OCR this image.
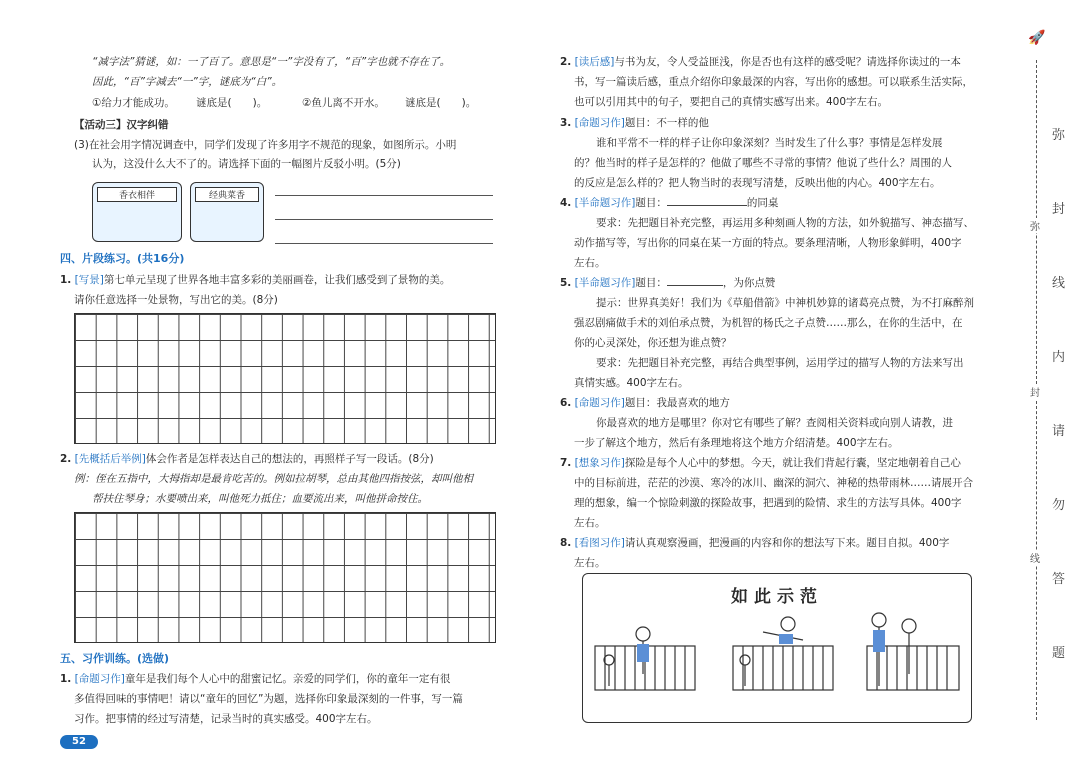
“减字法”猜谜，如：一了百了。意思是“一”字没有了，“百”字也就不存在了。
因此，“百”字减去“一”字，谜底为“白”。
①给力才能成功。 谜底是(　　)。	②鱼儿离不开水。 谜底是(　　)。
【活动三】汉字纠错
(3)在社会用字情况调查中，同学们发现了许多用字不规范的现象，如图所示。小明
认为，这没什么大不了的。请选择下面的一幅图片反驳小明。(5分)
香衣相伴	经典菜香
四、片段练习。(共16分)
1. [写景]第七单元呈现了世界各地丰富多彩的美丽画卷，让我们感受到了景物的美。
请你任意选择一处景物，写出它的美。(8分)
2. [先概括后举例]体会作者是怎样表达自己的想法的，再照样子写一段话。(8分)
例：侄在五指中，大拇指却是最肯吃苦的。例如拉胡琴，总由其他四指按弦，却叫他相
帮扶住琴身；水要喷出来，叫他死力抵住；血要流出来，叫他拼命按住。
五、习作训练。(选做)
1. [命题习作]童年是我们每个人心中的甜蜜记忆。亲爱的同学们，你的童年一定有很
多值得回味的事情吧！请以“童年的回忆”为题，选择你印象最深刻的一件事，写一篇
习作。把事情的经过写清楚，记录当时的真实感受。400字左右。
52
2. [读后感]与书为友，令人受益匪浅，你是否也有这样的感受呢？请选择你读过的一本
书，写一篇读后感，重点介绍你印象最深的内容，写出你的感想。可以联系生活实际，
也可以引用其中的句子，要把自己的真情实感写出来。400字左右。
3. [命题习作]题目：不一样的他
谁和平常不一样的样子让你印象深刻？当时发生了什么事？事情是怎样发展
的？他当时的样子是怎样的？他做了哪些不寻常的事情？他说了些什么？周围的人
的反应是怎么样的？把人物当时的表现写清楚，反映出他的内心。400字左右。
4. [半命题习作]题目：	的同桌
要求：先把题目补充完整，再运用多种刻画人物的方法，如外貌描写、神态描写、
动作描写等，写出你的同桌在某一方面的特点。要条理清晰，人物形象鲜明，400字
左右。
5. [半命题习作]题目：	，为你点赞
提示：世界真美好！我们为《草船借箭》中神机妙算的诸葛亮点赞，为不打麻醉剂
强忍剧痛做手术的刘伯承点赞，为机智的杨氏之子点赞……那么，在你的生活中，在
你的心灵深处，你还想为谁点赞？
要求：先把题目补充完整，再结合典型事例，运用学过的描写人物的方法来写出
真情实感。400字左右。
6. [命题习作]题目：我最喜欢的地方
你最喜欢的地方是哪里？你对它有哪些了解？查阅相关资料或向别人请教，进
一步了解这个地方，然后有条理地将这个地方介绍清楚。400字左右。
7. [想象习作]探险是每个人心中的梦想。今天，就让我们背起行囊，坚定地朝着自己心
中的目标前进，茫茫的沙漠、寒冷的冰川、幽深的洞穴、神秘的热带雨林……请展开合
理的想象，编一个惊险刺激的探险故事，把遇到的险情、求生的方法写具体。400字
左右。
8. [看图习作]请认真观察漫画，把漫画的内容和你的想法写下来。题目自拟。400字
左右。
如此示范
🚀
弥
封
线
内
请
勿
答
题
弥
封
线
